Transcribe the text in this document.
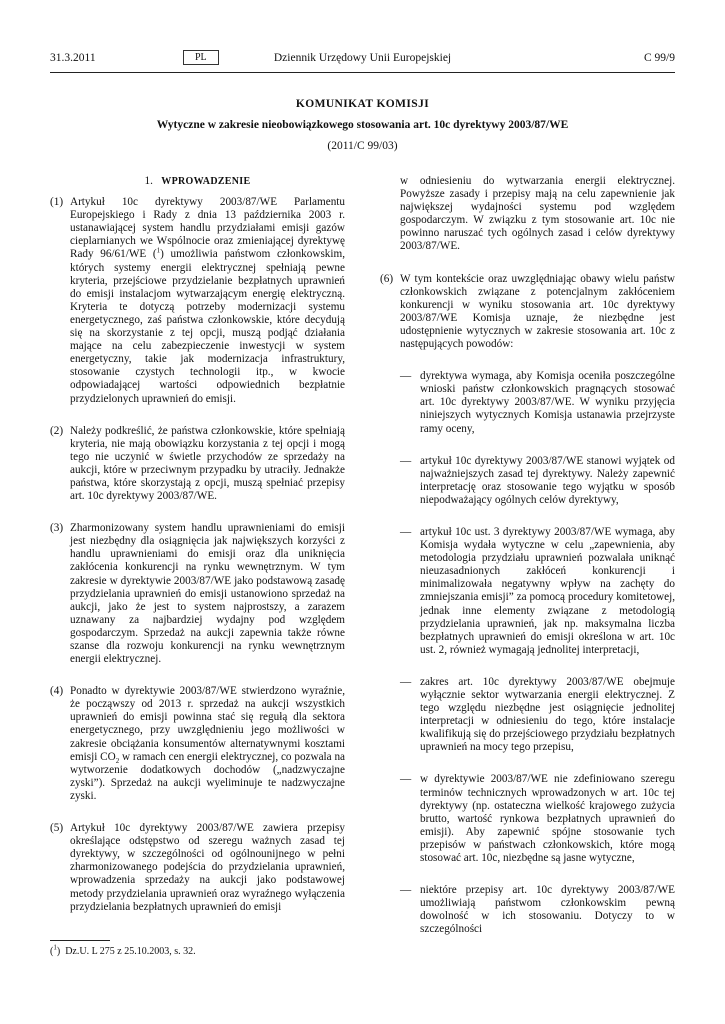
31.3.2011	PL	Dziennik Urzędowy Unii Europejskiej	C 99/9
KOMUNIKAT KOMISJI
Wytyczne w zakresie nieobowiązkowego stosowania art. 10c dyrektywy 2003/87/WE
(2011/C 99/03)
1. WPROWADZENIE
(1) Artykuł 10c dyrektywy 2003/87/WE Parlamentu Europejskiego i Rady z dnia 13 października 2003 r. ustanawiającej system handlu przydziałami emisji gazów cieplarnianych we Wspólnocie oraz zmieniającej dyrektywę Rady 96/61/WE ($^1$) umożliwia państwom członkowskim, których systemy energii elektrycznej spełniają pewne kryteria, przejściowe przydzielanie bezpłatnych uprawnień do emisji instalacjom wytwarzającym energię elektryczną. Kryteria te dotyczą potrzeby modernizacji systemu energetycznego, zaś państwa członkowskie, które decydują się na skorzystanie z tej opcji, muszą podjąć działania mające na celu zabezpieczenie inwestycji w system energetyczny, takie jak modernizacja infrastruktury, stosowanie czystych technologii itp., w kwocie odpowiadającej wartości odpowiednich bezpłatnie przydzielonych uprawnień do emisji.
(2) Należy podkreślić, że państwa członkowskie, które spełniają kryteria, nie mają obowiązku korzystania z tej opcji i mogą tego nie uczynić w świetle przychodów ze sprzedaży na aukcji, które w przeciwnym przypadku by utraciły. Jednakże państwa, które skorzystają z opcji, muszą spełniać przepisy art. 10c dyrektywy 2003/87/WE.
(3) Zharmonizowany system handlu uprawnieniami do emisji jest niezbędny dla osiągnięcia jak największych korzyści z handlu uprawnieniami do emisji oraz dla uniknięcia zakłócenia konkurencji na rynku wewnętrznym. W tym zakresie w dyrektywie 2003/87/WE jako podstawową zasadę przydzielania uprawnień do emisji ustanowiono sprzedaż na aukcji, jako że jest to system najprostszy, a zarazem uznawany za najbardziej wydajny pod względem gospodarczym. Sprzedaż na aukcji zapewnia także równe szanse dla rozwoju konkurencji na rynku wewnętrznym energii elektrycznej.
(4) Ponadto w dyrektywie 2003/87/WE stwierdzono wyraźnie, że począwszy od 2013 r. sprzedaż na aukcji wszystkich uprawnień do emisji powinna stać się regułą dla sektora energetycznego, przy uwzględnieniu jego możliwości w zakresie obciążania konsumentów alternatywnymi kosztami emisji $CO_2$ w ramach cen energii elektrycznej, co pozwala na wytworzenie dodatkowych dochodów („nadzwyczajne zyski”). Sprzedaż na aukcji wyeliminuje te nadzwyczajne zyski.
(5) Artykuł 10c dyrektywy 2003/87/WE zawiera przepisy określające odstępstwo od szeregu ważnych zasad tej dyrektywy, w szczególności od ogólnounijnego w pełni zharmonizowanego podejścia do przydzielania uprawnień, wprowadzenia sprzedaży na aukcji jako podstawowej metody przydzielania uprawnień oraz wyraźnego wyłączenia przydzielania bezpłatnych uprawnień do emisji
w odniesieniu do wytwarzania energii elektrycznej. Powyższe zasady i przepisy mają na celu zapewnienie jak największej wydajności systemu pod względem gospodarczym. W związku z tym stosowanie art. 10c nie powinno naruszać tych ogólnych zasad i celów dyrektywy 2003/87/WE.
(6) W tym kontekście oraz uwzględniając obawy wielu państw członkowskich związane z potencjalnym zakłóceniem konkurencji w wyniku stosowania art. 10c dyrektywy 2003/87/WE Komisja uznaje, że niezbędne jest udostępnienie wytycznych w zakresie stosowania art. 10c z następujących powodów:
— dyrektywa wymaga, aby Komisja oceniła poszczególne wnioski państw członkowskich pragnących stosować art. 10c dyrektywy 2003/87/WE. W wyniku przyjęcia niniejszych wytycznych Komisja ustanawia przejrzyste ramy oceny,
— artykuł 10c dyrektywy 2003/87/WE stanowi wyjątek od najważniejszych zasad tej dyrektywy. Należy zapewnić interpretację oraz stosowanie tego wyjątku w sposób niepodważający ogólnych celów dyrektywy,
— artykuł 10c ust. 3 dyrektywy 2003/87/WE wymaga, aby Komisja wydała wytyczne w celu „zapewnienia, aby metodologia przydziału uprawnień pozwalała uniknąć nieuzasadnionych zakłóceń konkurencji i minimalizowała negatywny wpływ na zachęty do zmniejszania emisji” za pomocą procedury komitetowej, jednak inne elementy związane z metodologią przydzielania uprawnień, jak np. maksymalna liczba bezpłatnych uprawnień do emisji określona w art. 10c ust. 2, również wymagają jednolitej interpretacji,
— zakres art. 10c dyrektywy 2003/87/WE obejmuje wyłącznie sektor wytwarzania energii elektrycznej. Z tego względu niezbędne jest osiągnięcie jednolitej interpretacji w odniesieniu do tego, które instalacje kwalifikują się do przejściowego przydziału bezpłatnych uprawnień na mocy tego przepisu,
— w dyrektywie 2003/87/WE nie zdefiniowano szeregu terminów technicznych wprowadzonych w art. 10c tej dyrektywy (np. ostateczna wielkość krajowego zużycia brutto, wartość rynkowa bezpłatnych uprawnień do emisji). Aby zapewnić spójne stosowanie tych przepisów w państwach członkowskich, które mogą stosować art. 10c, niezbędne są jasne wytyczne,
— niektóre przepisy art. 10c dyrektywy 2003/87/WE umożliwiają państwom członkowskim pewną dowolność w ich stosowaniu. Dotyczy to w szczególności
($^1$)  Dz.U. L 275 z 25.10.2003, s. 32.
